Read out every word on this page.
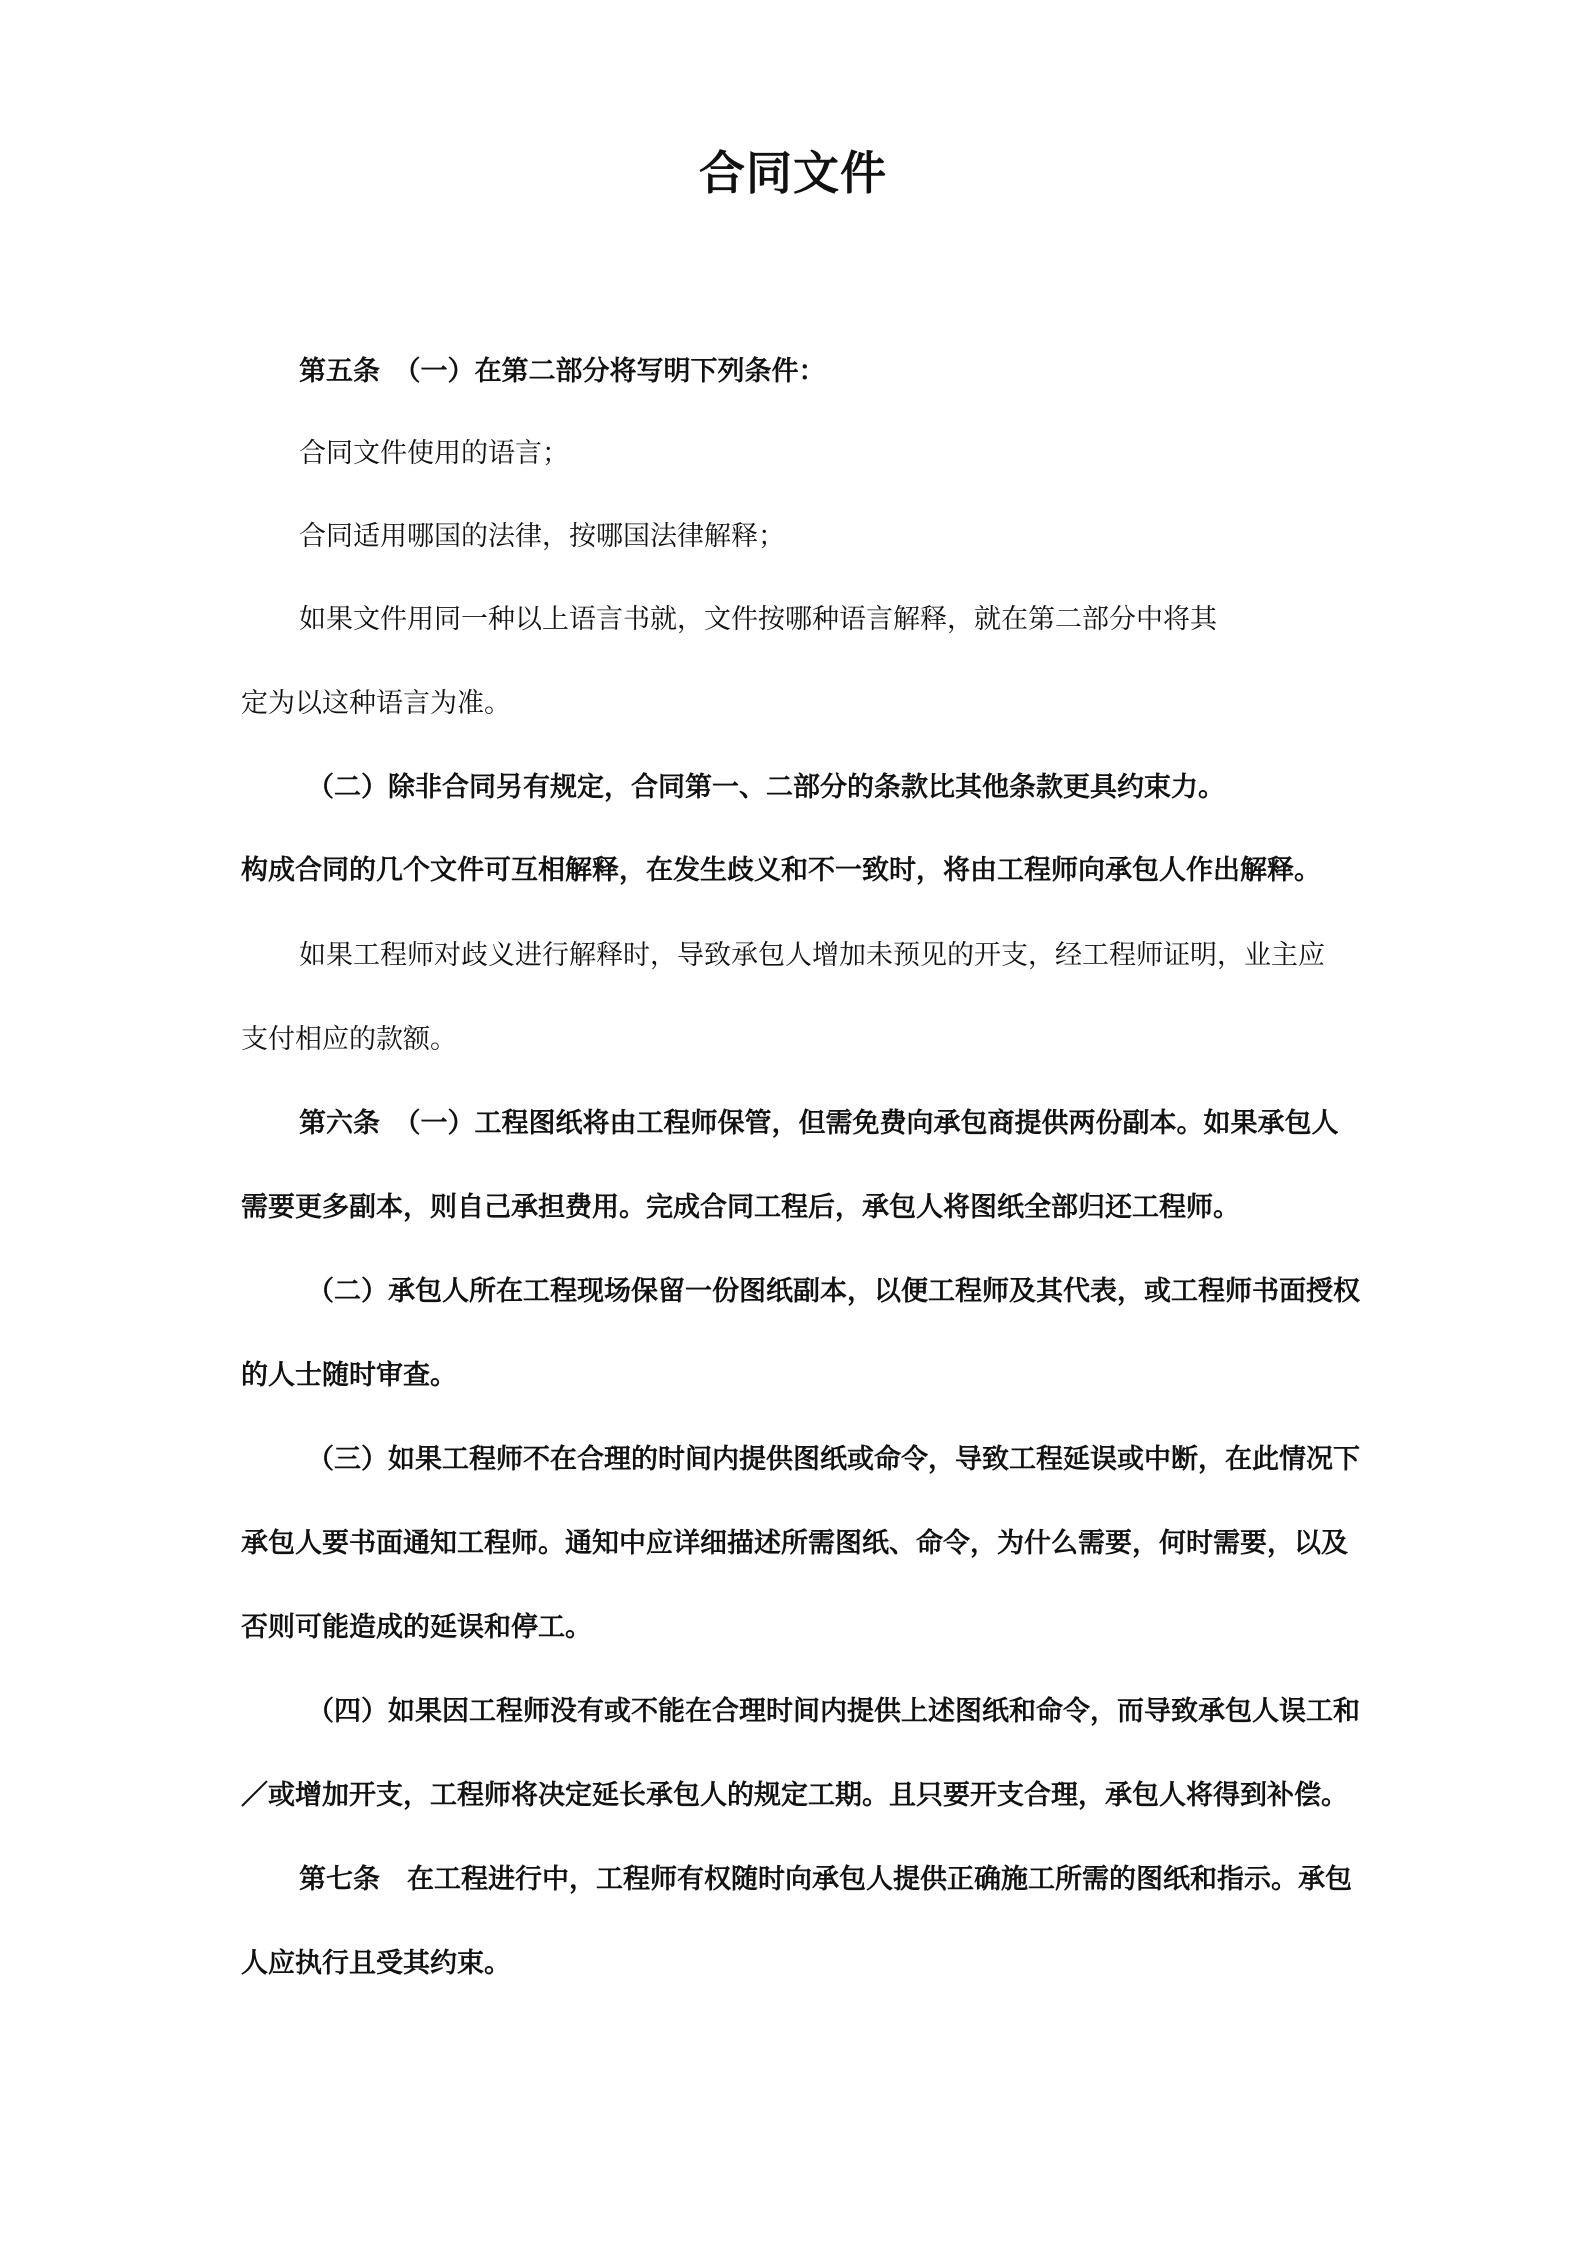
合同文件

第五条　（一）在第二部分将写明下列条件：

合同文件使用的语言；

合同适用哪国的法律，按哪国法律解释；

如果文件用同一种以上语言书就，文件按哪种语言解释，就在第二部分中将其

定为以这种语言为准。

（二）除非合同另有规定，合同第一、二部分的条款比其他条款更具约束力。

构成合同的几个文件可互相解释，在发生歧义和不一致时，将由工程师向承包人作出解释。

如果工程师对歧义进行解释时，导致承包人增加未预见的开支，经工程师证明，业主应

支付相应的款额。

第六条　（一）工程图纸将由工程师保管，但需免费向承包商提供两份副本。如果承包人

需要更多副本，则自己承担费用。完成合同工程后，承包人将图纸全部归还工程师。

（二）承包人所在工程现场保留一份图纸副本，以便工程师及其代表，或工程师书面授权

的人士随时审查。

（三）如果工程师不在合理的时间内提供图纸或命令，导致工程延误或中断，在此情况下

承包人要书面通知工程师。通知中应详细描述所需图纸、命令，为什么需要，何时需要，以及

否则可能造成的延误和停工。

（四）如果因工程师没有或不能在合理时间内提供上述图纸和命令，而导致承包人误工和

／或增加开支，工程师将决定延长承包人的规定工期。且只要开支合理，承包人将得到补偿。

第七条　在工程进行中，工程师有权随时向承包人提供正确施工所需的图纸和指示。承包

人应执行且受其约束。
